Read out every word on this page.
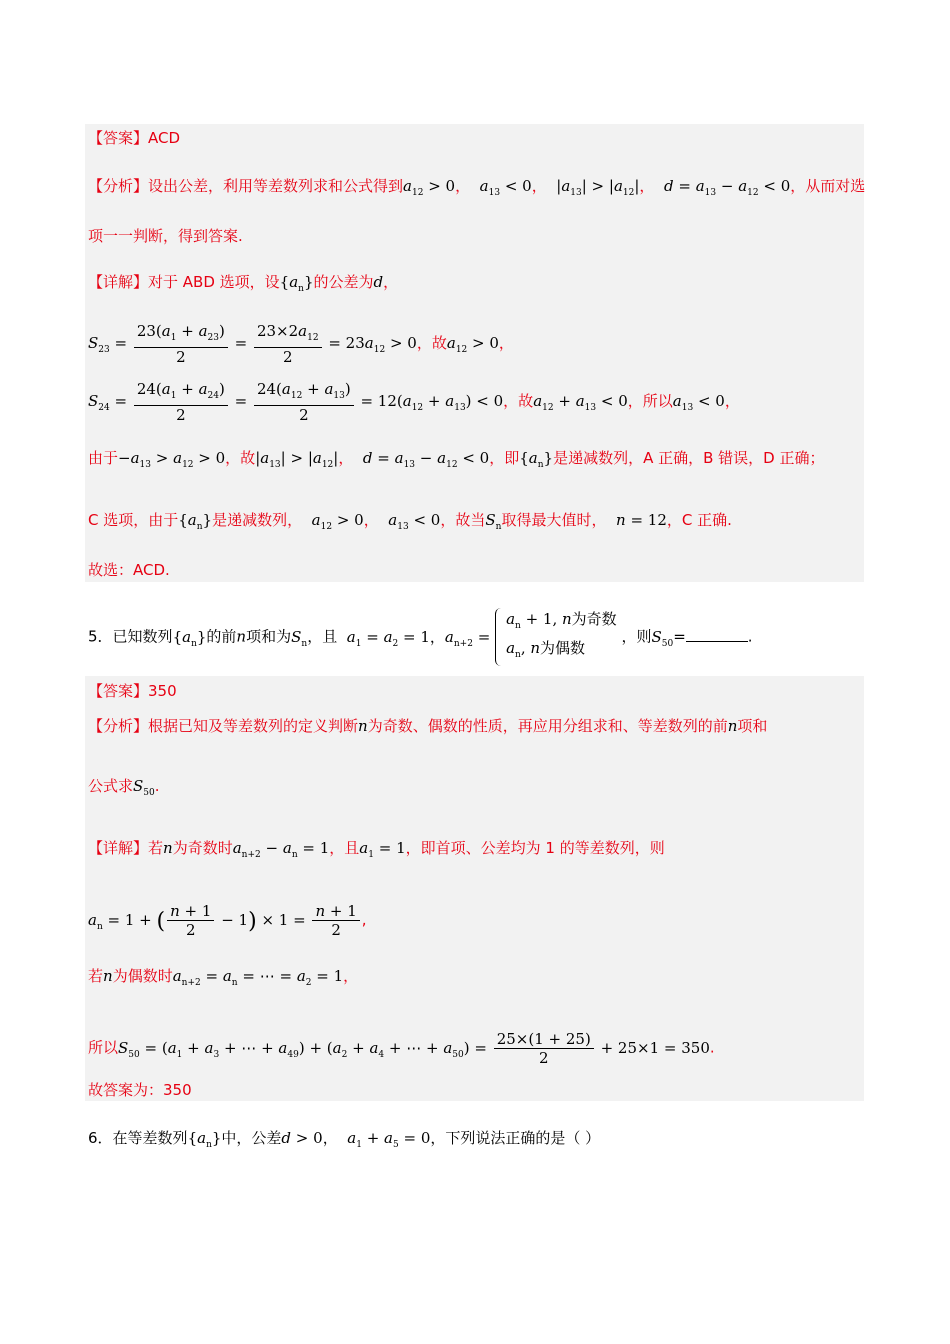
【答案】ACD
【分析】设出公差，利用等差数列求和公式得到$a_{12} > 0$，  $a_{13} < 0$，  $|a_{13}| > |a_{12}|$，  $d = a_{13} - a_{12} < 0$，从而对选
项一一判断，得到答案.
【详解】对于 ABD 选项，设$\{a_n\}$的公差为d，
$S_{23} = \frac{23(a_1 + a_{23})}{2} = \frac{23\times 2a_{12}}{2} = 23a_{12} > 0$，故$a_{12} > 0$，
$S_{24} = \frac{24(a_1 + a_{24})}{2} = \frac{24(a_{12} + a_{13})}{2} = 12(a_{12} + a_{13}) < 0$，故$a_{12} + a_{13} < 0$，所以$a_{13} < 0$，
由于$-a_{13} > a_{12} > 0$，故$|a_{13}| > |a_{12}|$，  $d = a_{13} - a_{12} < 0$，即$\{a_n\}$是递减数列，A 正确，B 错误，D 正确；
C 选项，由于$\{a_n\}$是递减数列， $a_{12} > 0$，  $a_{13} < 0$，故当$S_n$取得最大值时， n = 12，C 正确.
故选：ACD.
5．已知数列$\{a_n\}$的前n项和为$S_n$，且 $a_1 = a_2 = 1$，$a_{n+2}$ =
$a_n + 1$, n为奇数
$a_n$, n为偶数
，则$S_{50}=$	.
【答案】350
【分析】根据已知及等差数列的定义判断n为奇数、偶数的性质，再应用分组求和、等差数列的前n项和
公式求$S_{50}$.
【详解】若n为奇数时$a_{n+2} - a_n = 1$，且$a_1 = 1$，即首项、公差均为 1 的等差数列，则
$a_n = 1$ + ( $\frac{n + 1}{2} - 1) \times 1 = \frac{n + 1}{2}$ ,
若n为偶数时$a_{n+2} = a_n$ = ⋯ = $a_2 = 1$，
所以$S_{50} = (a_1 + a_3$ + ⋯ + $a_{49}) + (a_2 + a_4$ + ⋯ + $a_{50}) = \frac{25\times(1 + 25)}{2} + 25\times 1 = 350$.
故答案为：350
6．在等差数列$\{a_n\}$中，公差d > 0，  $a_1 + a_5 = 0$，下列说法正确的是（ ）
